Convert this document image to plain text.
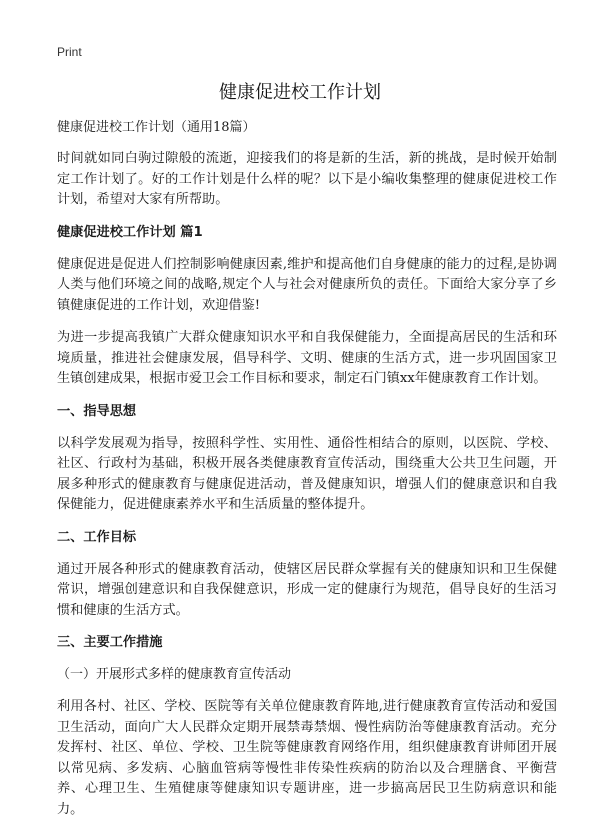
Print
健康促进校工作计划
健康促进校工作计划（通用18篇）

时间就如同白驹过隙般的流逝，迎接我们的将是新的生活，新的挑战，是时候开始制定工作计划了。好的工作计划是什么样的呢？以下是小编收集整理的健康促进校工作计划，希望对大家有所帮助。

健康促进校工作计划 篇1

健康促进是促进人们控制影响健康因素,维护和提高他们自身健康的能力的过程,是协调人类与他们环境之间的战略,规定个人与社会对健康所负的责任。下面给大家分享了乡镇健康促进的工作计划，欢迎借鉴!

为进一步提高我镇广大群众健康知识水平和自我保健能力，全面提高居民的生活和环境质量，推进社会健康发展，倡导科学、文明、健康的生活方式，进一步巩固国家卫生镇创建成果，根据市爱卫会工作目标和要求，制定石门镇xx年健康教育工作计划。

一、指导思想

以科学发展观为指导，按照科学性、实用性、通俗性相结合的原则，以医院、学校、社区、行政村为基础，积极开展各类健康教育宣传活动，围绕重大公共卫生问题，开展多种形式的健康教育与健康促进活动，普及健康知识，增强人们的健康意识和自我保健能力，促进健康素养水平和生活质量的整体提升。

二、工作目标

通过开展各种形式的健康教育活动，使辖区居民群众掌握有关的健康知识和卫生保健常识，增强创建意识和自我保健意识，形成一定的健康行为规范，倡导良好的生活习惯和健康的生活方式。

三、主要工作措施
（一）开展形式多样的健康教育宣传活动

利用各村、社区、学校、医院等有关单位健康教育阵地,进行健康教育宣传活动和爱国卫生活动，面向广大人民群众定期开展禁毒禁烟、慢性病防治等健康教育活动。充分发挥村、社区、单位、学校、卫生院等健康教育网络作用，组织健康教育讲师团开展以常见病、多发病、心脑血管病等慢性非传染性疾病的防治以及合理膳食、平衡营养、心理卫生、生殖健康等健康知识专题讲座，进一步搞高居民卫生防病意识和能力。
